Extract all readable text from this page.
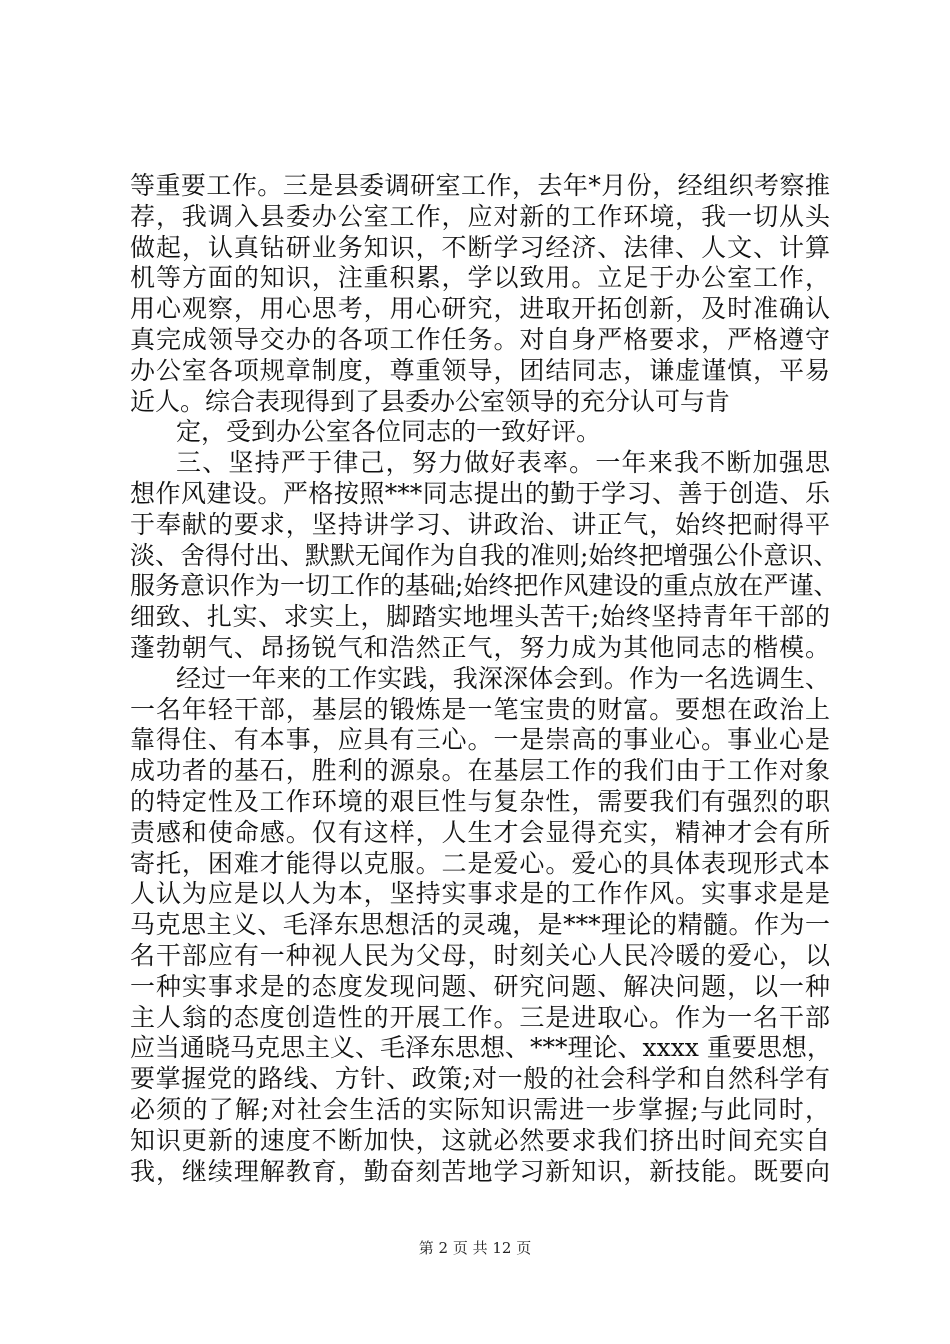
等重要工作。三是县委调研室工作，去年*月份，经组织考察推
荐，我调入县委办公室工作，应对新的工作环境，我一切从头
做起，认真钻研业务知识，不断学习经济、法律、人文、计算
机等方面的知识，注重积累，学以致用。立足于办公室工作，
用心观察，用心思考，用心研究，进取开拓创新，及时准确认
真完成领导交办的各项工作任务。对自身严格要求，严格遵守
办公室各项规章制度，尊重领导，团结同志，谦虚谨慎，平易
近人。综合表现得到了县委办公室领导的充分认可与肯
定，受到办公室各位同志的一致好评。
三、坚持严于律己，努力做好表率。一年来我不断加强思
想作风建设。严格按照***同志提出的勤于学习、善于创造、乐
于奉献的要求，坚持讲学习、讲政治、讲正气，始终把耐得平
淡、舍得付出、默默无闻作为自我的准则;始终把增强公仆意识、
服务意识作为一切工作的基础;始终把作风建设的重点放在严谨、
细致、扎实、求实上，脚踏实地埋头苦干;始终坚持青年干部的
蓬勃朝气、昂扬锐气和浩然正气，努力成为其他同志的楷模。
经过一年来的工作实践，我深深体会到。作为一名选调生、
一名年轻干部，基层的锻炼是一笔宝贵的财富。要想在政治上
靠得住、有本事，应具有三心。一是崇高的事业心。事业心是
成功者的基石，胜利的源泉。在基层工作的我们由于工作对象
的特定性及工作环境的艰巨性与复杂性，需要我们有强烈的职
责感和使命感。仅有这样，人生才会显得充实，精神才会有所
寄托，困难才能得以克服。二是爱心。爱心的具体表现形式本
人认为应是以人为本，坚持实事求是的工作作风。实事求是是
马克思主义、毛泽东思想活的灵魂，是***理论的精髓。作为一
名干部应有一种视人民为父母，时刻关心人民冷暖的爱心，以
一种实事求是的态度发现问题、研究问题、解决问题，以一种
主人翁的态度创造性的开展工作。三是进取心。作为一名干部
应当通晓马克思主义、毛泽东思想、***理论、xxxx 重要思想，
要掌握党的路线、方针、政策;对一般的社会科学和自然科学有
必须的了解;对社会生活的实际知识需进一步掌握;与此同时，
知识更新的速度不断加快，这就必然要求我们挤出时间充实自
我，继续理解教育，勤奋刻苦地学习新知识，新技能。既要向
第 2 页 共 12 页
